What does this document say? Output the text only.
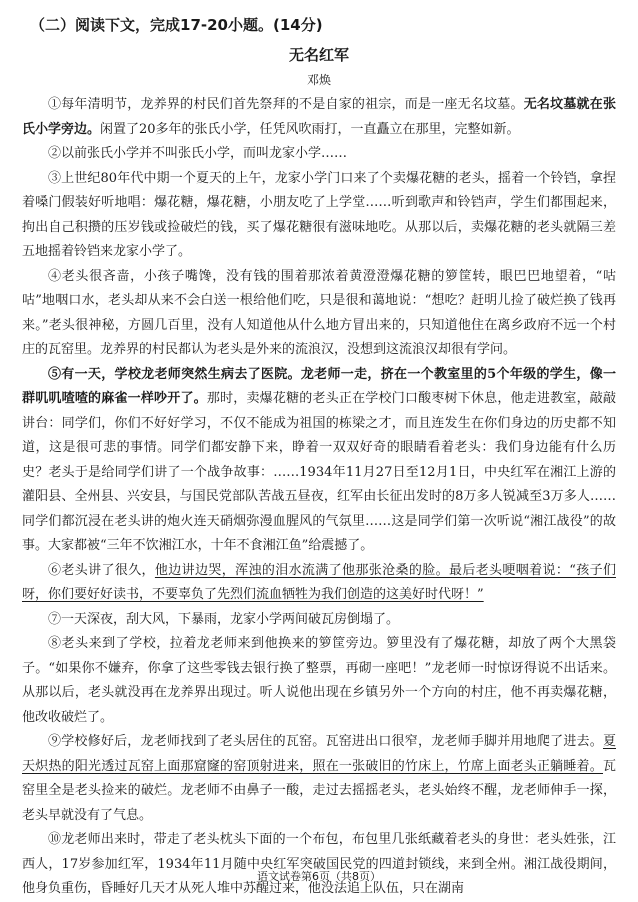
（二）阅读下文，完成17-20小题。(14分)
无名红军
邓焕

①每年清明节，龙养界的村民们首先祭拜的不是自家的祖宗，而是一座无名坟墓。无名坟墓就在张氏小学旁边。闲置了20多年的张氏小学，任凭风吹雨打，一直矗立在那里，完整如新。

②以前张氏小学并不叫张氏小学，而叫龙家小学……

③上世纪80年代中期一个夏天的上午，龙家小学门口来了个卖爆花糖的老头，摇着一个铃铛，拿捏着嗓门假装好听地唱：爆花糖，爆花糖，小朋友吃了上学堂……听到歌声和铃铛声，学生们都围起来，拘出自己积攒的压岁钱或捡破烂的钱，买了爆花糖很有滋味地吃。从那以后，卖爆花糖的老头就隔三差五地摇着铃铛来龙家小学了。

④老头很吝啬，小孩子嘴馋，没有钱的围着那浓着黄澄澄爆花糖的箩筐转，眼巴巴地望着，“咕咕”地咽口水，老头却从来不会白送一根给他们吃，只是很和蔼地说：“想吃？赶明儿捡了破烂换了钱再来。”老头很神秘，方圆几百里，没有人知道他从什么地方冒出来的，只知道他住在离乡政府不远一个村庄的瓦窑里。龙养界的村民都认为老头是外来的流浪汉，没想到这流浪汉却很有学问。

⑤有一天，学校龙老师突然生病去了医院。龙老师一走，挤在一个教室里的5个年级的学生，像一群叽叽喳喳的麻雀一样吵开了。那时，卖爆花糖的老头正在学校门口酸枣树下休息，他走进教室，敲敲讲台：同学们，你们不好好学习，不仅不能成为祖国的栋梁之才，而且连发生在你们身边的历史都不知道，这是很可悲的事情。同学们都安静下来，睁着一双双好奇的眼睛看着老头：我们身边能有什么历史？老头于是给同学们讲了一个战争故事：……1934年11月27日至12月1日，中央红军在湘江上游的灌阳县、全州县、兴安县，与国民党部队苦战五昼夜，红军由长征出发时的8万多人锐减至3万多人……同学们都沉浸在老头讲的炮火连天硝烟弥漫血腥风的气氛里……这是同学们第一次听说“湘江战役”的故事。大家都被“三年不饮湘江水，十年不食湘江鱼”给震撼了。

⑥老头讲了很久，他边讲边哭，浑浊的泪水流满了他那张沧桑的脸。最后老头哽咽着说：“孩子们呀，你们要好好读书，不要辜负了先烈们流血牺牲为我们创造的这美好时代呀！”

⑦一天深夜，刮大风，下暴雨，龙家小学两间破瓦房倒塌了。

⑧老头来到了学校，拉着龙老师来到他换来的箩筐旁边。箩里没有了爆花糖，却放了两个大黑袋子。“如果你不嫌弃，你拿了这些零钱去银行换了整票，再砌一座吧！”龙老师一时惊讶得说不出话来。从那以后，老头就没再在龙养界出现过。听人说他出现在乡镇另外一个方向的村庄，他不再卖爆花糖，他改收破烂了。

⑨学校修好后，龙老师找到了老头居住的瓦窑。瓦窑进出口很窄，龙老师手脚并用地爬了进去。夏天炽热的阳光透过瓦窑上面那窟窿的窑顶射进来，照在一张破旧的竹床上，竹席上面老头正躺睡着。瓦窑里全是老头捡来的破烂。龙老师不由鼻子一酸，走过去摇摇老头，老头始终不醒，龙老师伸手一探，老头早就没有了气息。

⑩龙老师出来时，带走了老头枕头下面的一个布包，布包里几张纸藏着老头的身世：老头姓张，江西人，17岁参加红军，1934年11月随中央红军突破国民党的四道封锁线，来到全州。湘江战役期间，他身负重伤，昏睡好几天才从死人堆中苏醒过来，他没法追上队伍，只在湖南

语文试卷第6页（共8页）
